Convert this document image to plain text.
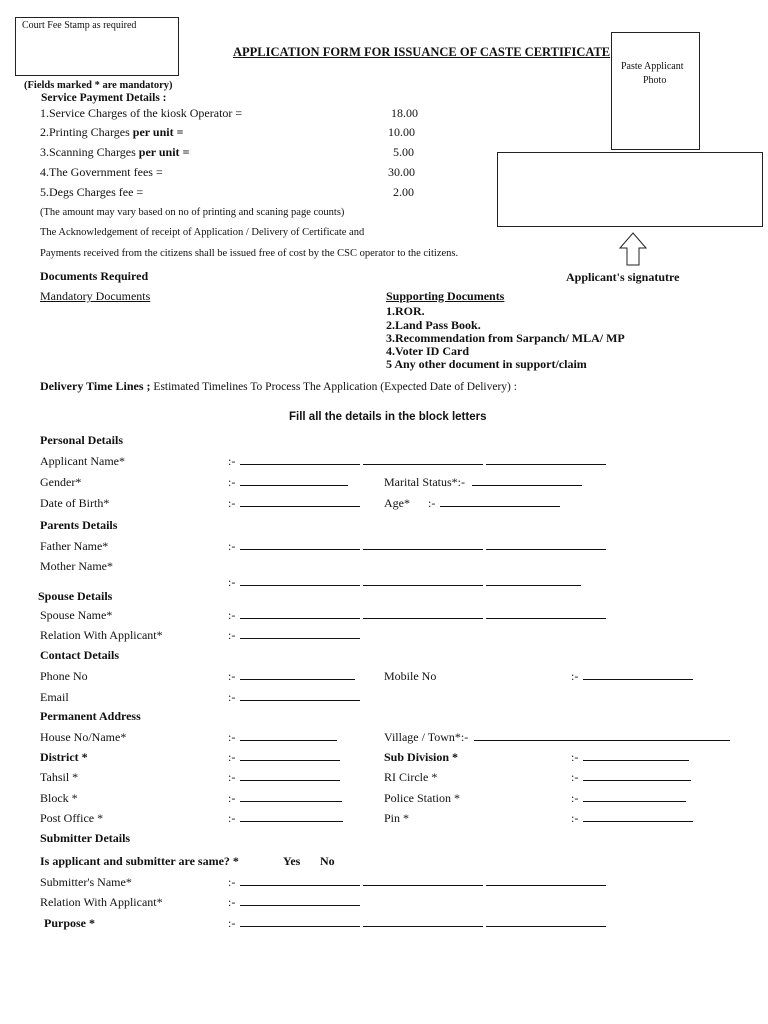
Court Fee Stamp as required
APPLICATION FORM FOR ISSUANCE OF CASTE CERTIFICATE
Paste Applicant
Photo
Applicant's signatutre
(Fields marked * are mandatory)
Service Payment Details :
1.Service Charges of the kiosk Operator =	18.00
2.Printing Charges per unit =	10.00
3.Scanning Charges per unit =	5.00
4.The Government fees =	30.00
5.Degs Charges fee =	2.00
(The amount may vary based on no of printing and scaning page counts)
The Acknowledgement of receipt of Application / Delivery of Certificate and
Payments received from the citizens shall be issued free of cost by the CSC operator to the citizens.
Documents Required
Mandatory Documents	Supporting Documents
1.ROR.
2.Land Pass Book.
3.Recommendation from Sarpanch/ MLA/ MP
4.Voter ID Card
5 Any other document in support/claim
Delivery Time Lines ; Estimated Timelines To Process The Application (Expected Date of Delivery) :
Fill all the details in the block letters
Personal Details
Applicant Name*	:-

Gender*	:-	Marital Status*:-
Date of Birth*	:-	Age* :-
Parents Details
Father Name*	:-

Mother Name*
:-

Spouse Details
Spouse Name*	:-

Relation With Applicant*	:-
Contact Details
Phone No	:-	Mobile No	:-
Email	:-
Permanent Address
House No/Name*	:-	Village / Town*:-
District *	:-	Sub Division *	:-
Tahsil *	:-	RI Circle *	:-
Block *	:-	Police Station *	:-
Post Office *	:-	Pin *	:-
Submitter Details
Is applicant and submitter are same? *	Yes No
Submitter's Name*	:-

Relation With Applicant*	:-
Purpose *	:-
